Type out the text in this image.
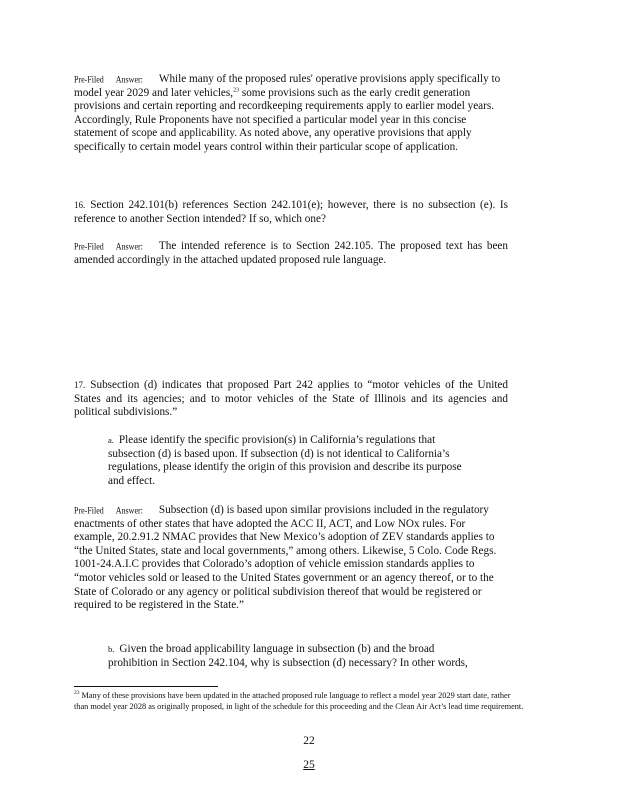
Pre-Filed Answer: While many of the proposed rules' operative provisions apply specifically to model year 2029 and later vehicles,$^{23}$ some provisions such as the early credit generation provisions and certain reporting and recordkeeping requirements apply to earlier model years. Accordingly, Rule Proponents have not specified a particular model year in this concise statement of scope and applicability. As noted above, any operative provisions that apply specifically to certain model years control within their particular scope of application.

16. Section 242.101(b) references Section 242.101(e); however, there is no subsection (e). Is reference to another Section intended? If so, which one?

Pre-Filed Answer: The intended reference is to Section 242.105. The proposed text has been amended accordingly in the attached updated proposed rule language.

17. Subsection (d) indicates that proposed Part 242 applies to “motor vehicles of the United States and its agencies; and to motor vehicles of the State of Illinois and its agencies and political subdivisions.”

a. Please identify the specific provision(s) in California’s regulations that subsection (d) is based upon. If subsection (d) is not identical to California’s regulations, please identify the origin of this provision and describe its purpose and effect.

Pre-Filed Answer: Subsection (d) is based upon similar provisions included in the regulatory enactments of other states that have adopted the ACC II, ACT, and Low NOx rules. For example, 20.2.91.2 NMAC provides that New Mexico’s adoption of ZEV standards applies to “the United States, state and local governments,” among others. Likewise, 5 Colo. Code Regs. 1001-24.A.I.C provides that Colorado’s adoption of vehicle emission standards applies to “motor vehicles sold or leased to the United States government or an agency thereof, or to the State of Colorado or any agency or political subdivision thereof that would be registered or required to be registered in the State.”

b. Given the broad applicability language in subsection (b) and the broad prohibition in Section 242.104, why is subsection (d) necessary? In other words,

$^{23}$ Many of these provisions have been updated in the attached proposed rule language to reflect a model year 2029 start date, rather than model year 2028 as originally proposed, in light of the schedule for this proceeding and the Clean Air Act’s lead time requirement.

22

25
